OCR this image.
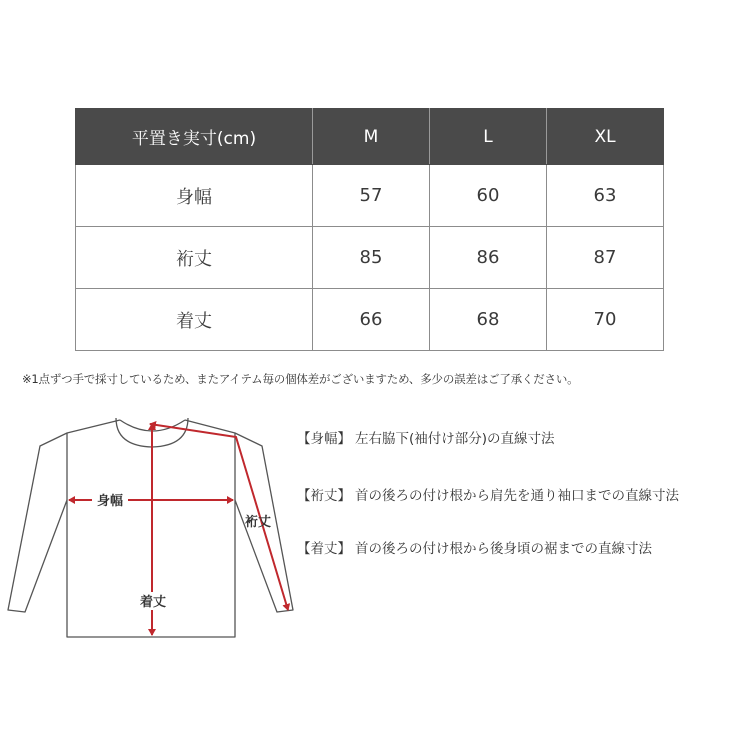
平置き実寸(cm)	M	L	XL
身幅	57	60	63
裄丈	85	86	87
着丈	66	68	70
※1点ずつ手で採寸しているため、またアイテム毎の個体差がございますため、多少の誤差はご了承ください。
身幅
着丈
裄丈
【身幅】 左右脇下(袖付け部分)の直線寸法
【裄丈】 首の後ろの付け根から肩先を通り袖口までの直線寸法
【着丈】 首の後ろの付け根から後身頃の裾までの直線寸法
